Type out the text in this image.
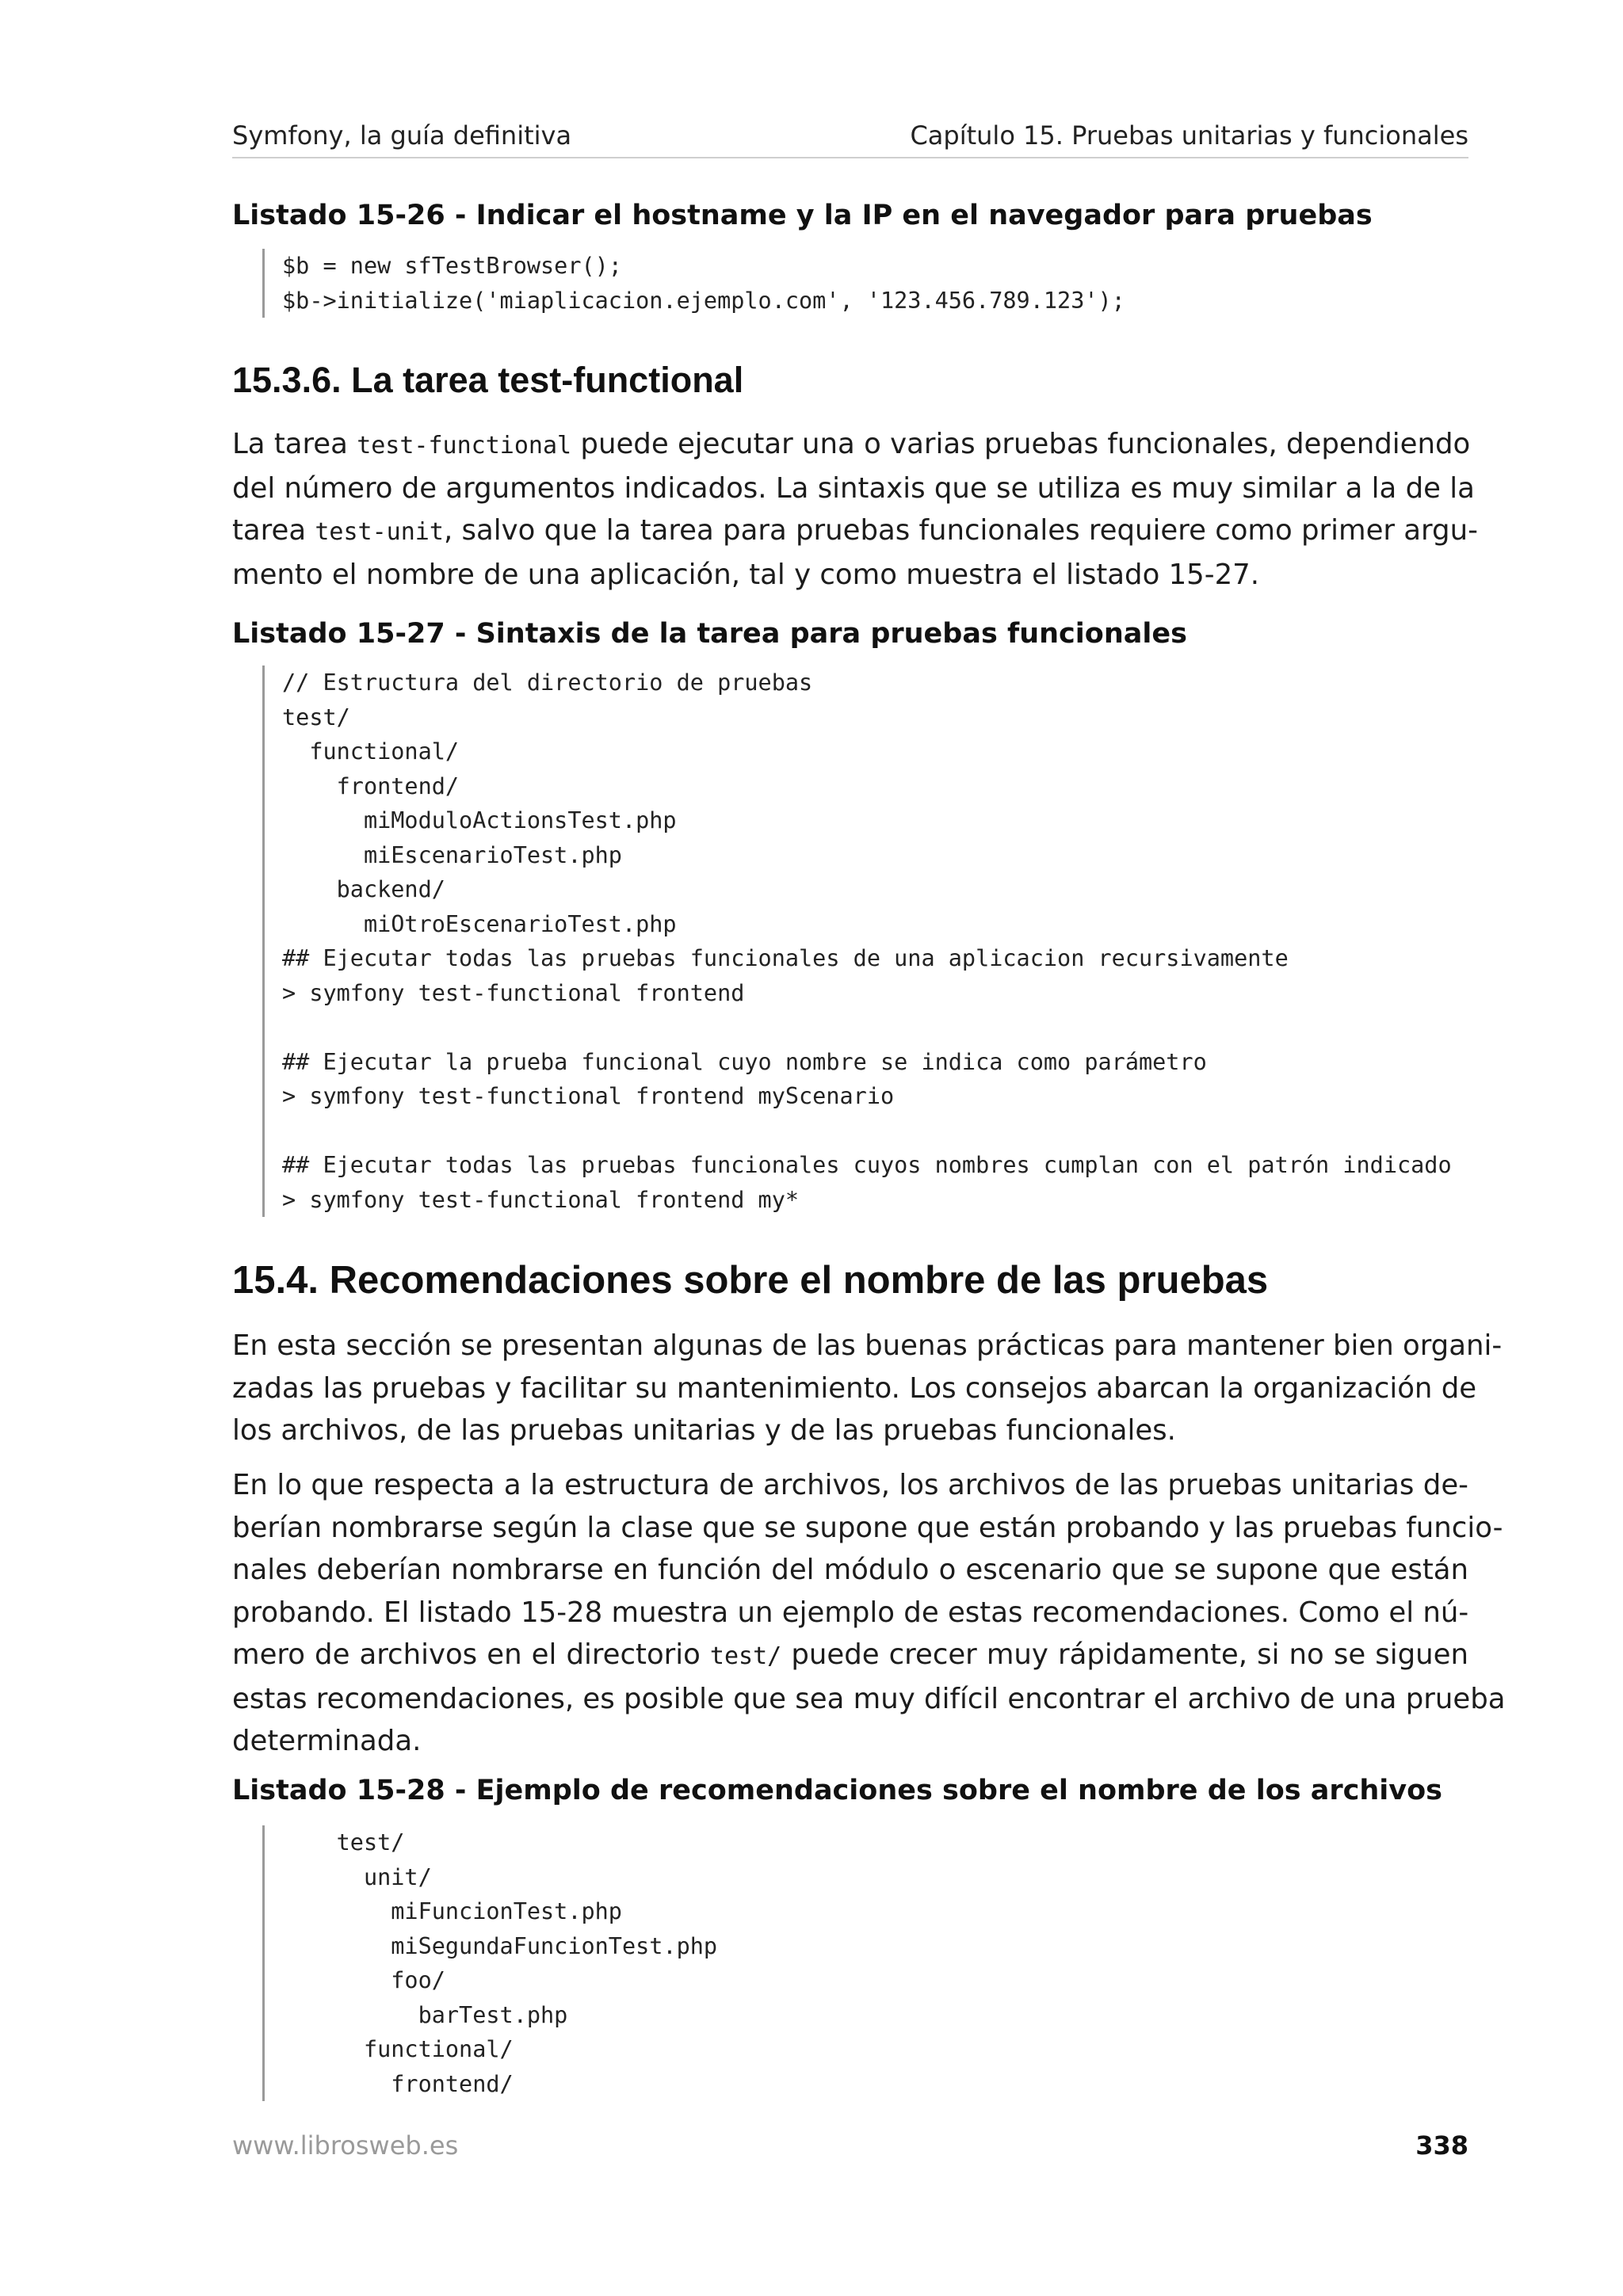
Symfony, la guía definitiva	Capítulo 15. Pruebas unitarias y funcionales
Listado 15-26 - Indicar el hostname y la IP en el navegador para pruebas
$b = new sfTestBrowser();
$b->initialize('miaplicacion.ejemplo.com', '123.456.789.123');
15.3.6. La tarea test-functional
La tarea test-functional puede ejecutar una o varias pruebas funcionales, dependiendo
del número de argumentos indicados. La sintaxis que se utiliza es muy similar a la de la
tarea test-unit, salvo que la tarea para pruebas funcionales requiere como primer argu-
mento el nombre de una aplicación, tal y como muestra el listado 15-27.
Listado 15-27 - Sintaxis de la tarea para pruebas funcionales
// Estructura del directorio de pruebas
test/
functional/
frontend/
miModuloActionsTest.php
miEscenarioTest.php
backend/
miOtroEscenarioTest.php
## Ejecutar todas las pruebas funcionales de una aplicacion recursivamente
> symfony test-functional frontend
## Ejecutar la prueba funcional cuyo nombre se indica como parámetro
> symfony test-functional frontend myScenario
## Ejecutar todas las pruebas funcionales cuyos nombres cumplan con el patrón indicado
> symfony test-functional frontend my*
15.4. Recomendaciones sobre el nombre de las pruebas
En esta sección se presentan algunas de las buenas prácticas para mantener bien organi-
zadas las pruebas y facilitar su mantenimiento. Los consejos abarcan la organización de
los archivos, de las pruebas unitarias y de las pruebas funcionales.
En lo que respecta a la estructura de archivos, los archivos de las pruebas unitarias de-
berían nombrarse según la clase que se supone que están probando y las pruebas funcio-
nales deberían nombrarse en función del módulo o escenario que se supone que están
probando. El listado 15-28 muestra un ejemplo de estas recomendaciones. Como el nú-
mero de archivos en el directorio test/ puede crecer muy rápidamente, si no se siguen
estas recomendaciones, es posible que sea muy difícil encontrar el archivo de una prueba
determinada.
Listado 15-28 - Ejemplo de recomendaciones sobre el nombre de los archivos
test/
unit/
miFuncionTest.php
miSegundaFuncionTest.php
foo/
barTest.php
functional/
frontend/
www.librosweb.es	338
